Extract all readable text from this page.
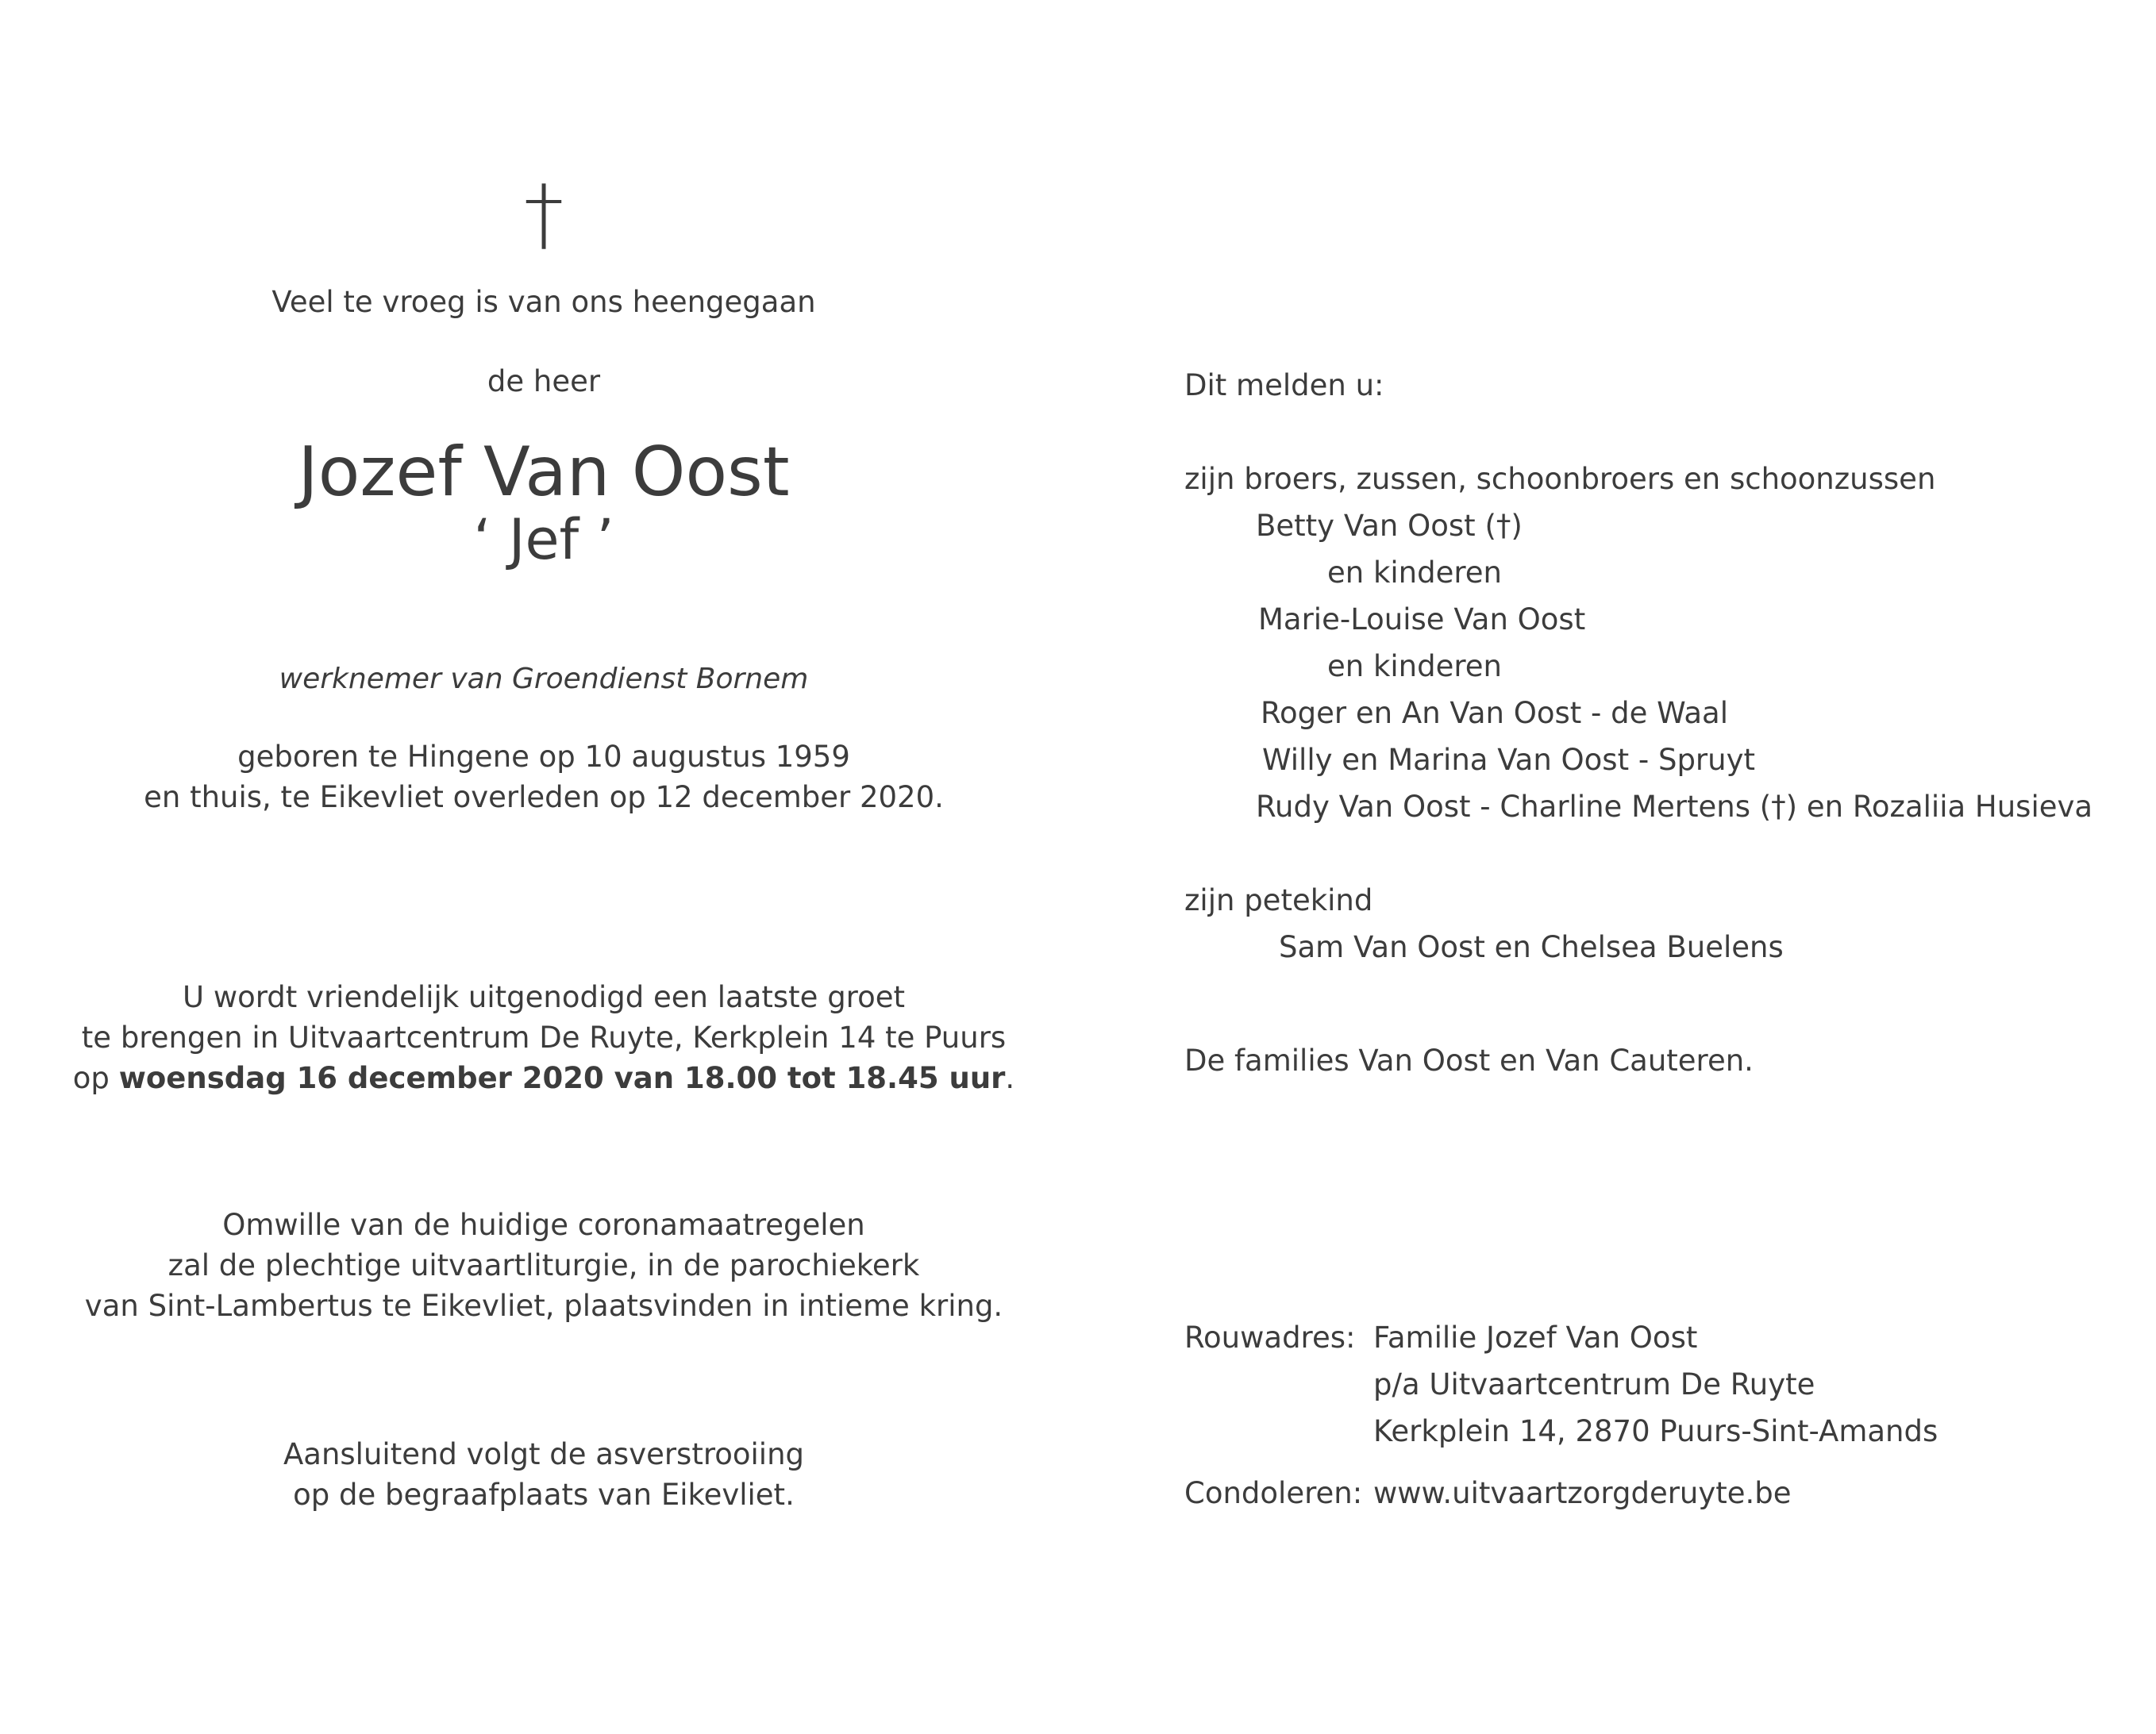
†
Veel te vroeg is van ons heengegaan
de heer
Jozef Van Oost
‘ Jef ’
werknemer van Groendienst Bornem
geboren te Hingene op 10 augustus 1959
en thuis, te Eikevliet overleden op 12 december 2020.
U wordt vriendelijk uitgenodigd een laatste groet
te brengen in Uitvaartcentrum De Ruyte, Kerkplein 14 te Puurs
op woensdag 16 december 2020 van 18.00 tot 18.45 uur.
Omwille van de huidige coronamaatregelen
zal de plechtige uitvaartliturgie, in de parochiekerk
van Sint-Lambertus te Eikevliet, plaatsvinden in intieme kring.
Aansluitend volgt de asverstrooiing
op de begraafplaats van Eikevliet.
Dit melden u:
zijn broers, zussen, schoonbroers en schoonzussen
Betty Van Oost (†)
en kinderen
Marie-Louise Van Oost
en kinderen
Roger en An Van Oost - de Waal
Willy en Marina Van Oost - Spruyt
Rudy Van Oost - Charline Mertens (†) en Rozaliia Husieva
zijn petekind
Sam Van Oost en Chelsea Buelens
De families Van Oost en Van Cauteren.
Rouwadres: Familie Jozef Van Oost
p/a Uitvaartcentrum De Ruyte
Kerkplein 14, 2870 Puurs-Sint-Amands
Condoleren: www.uitvaartzorgderuyte.be
